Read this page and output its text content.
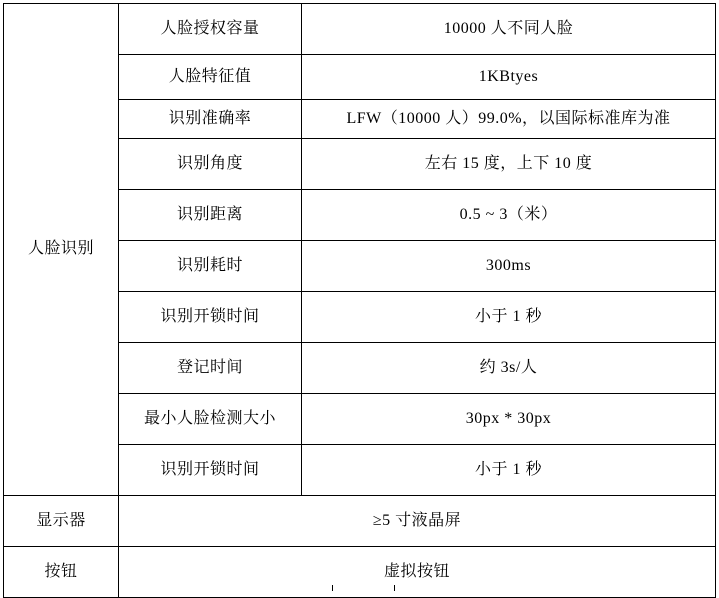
人脸识别	人脸授权容量	10000 人不同人脸
	人脸特征值	1KBtyes
	识别准确率	LFW（10000 人）99.0%，以国际标准库为准
	识别角度	左右 15 度，上下 10 度
	识别距离	0.5 ~ 3（米）
	识别耗时	300ms
	识别开锁时间	小于 1 秒
	登记时间	约 3s/人
	最小人脸检测大小	30px * 30px
	识别开锁时间	小于 1 秒
显示器	≥5 寸液晶屏	
按钮	虚拟按钮	
